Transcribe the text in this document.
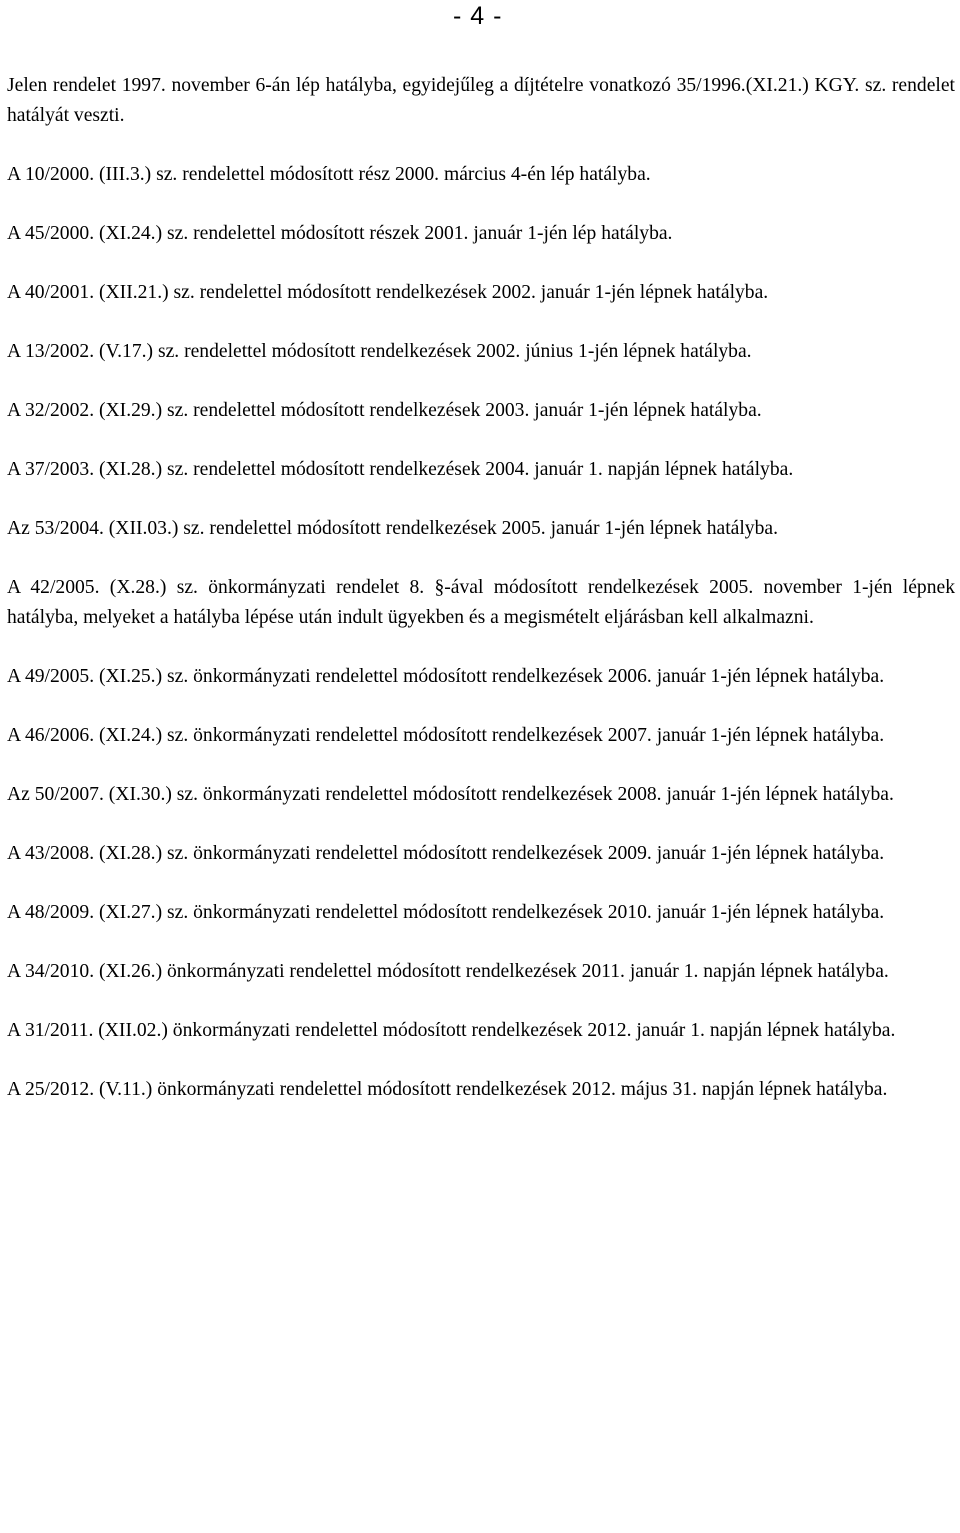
- 4 -

Jelen rendelet 1997. november 6-án lép hatályba, egyidejűleg a díjtételre vonatkozó 35/1996.(XI.21.) KGY. sz. rendelet hatályát veszti.

A 10/2000. (III.3.) sz. rendelettel módosított rész 2000. március 4-én lép hatályba.

A 45/2000. (XI.24.) sz. rendelettel módosított részek 2001. január 1-jén lép hatályba.

A 40/2001. (XII.21.) sz. rendelettel módosított rendelkezések 2002. január 1-jén lépnek hatályba.

A 13/2002. (V.17.) sz. rendelettel módosított rendelkezések 2002. június 1-jén lépnek hatályba.

A 32/2002. (XI.29.) sz. rendelettel módosított rendelkezések 2003. január 1-jén lépnek hatályba.

A 37/2003. (XI.28.) sz. rendelettel módosított rendelkezések 2004. január 1. napján lépnek hatályba.

Az 53/2004. (XII.03.) sz. rendelettel módosított rendelkezések 2005. január 1-jén lépnek hatályba.

A 42/2005. (X.28.) sz. önkormányzati rendelet 8. §-ával módosított rendelkezések 2005. november 1-jén lépnek hatályba, melyeket a hatályba lépése után indult ügyekben és a megismételt eljárásban kell alkalmazni.

A 49/2005. (XI.25.) sz. önkormányzati rendelettel módosított rendelkezések 2006. január 1-jén lépnek hatályba.

A 46/2006. (XI.24.) sz. önkormányzati rendelettel módosított rendelkezések 2007. január 1-jén lépnek hatályba.

Az 50/2007. (XI.30.) sz. önkormányzati rendelettel módosított rendelkezések 2008. január 1-jén lépnek hatályba.

A 43/2008. (XI.28.) sz. önkormányzati rendelettel módosított rendelkezések 2009. január 1-jén lépnek hatályba.

A 48/2009. (XI.27.) sz. önkormányzati rendelettel módosított rendelkezések 2010. január 1-jén lépnek hatályba.

A 34/2010. (XI.26.) önkormányzati rendelettel módosított rendelkezések 2011. január 1. napján lépnek hatályba.

A 31/2011. (XII.02.) önkormányzati rendelettel módosított rendelkezések 2012. január 1. napján lépnek hatályba.

A 25/2012. (V.11.) önkormányzati rendelettel módosított rendelkezések 2012. május 31. napján lépnek hatályba.
